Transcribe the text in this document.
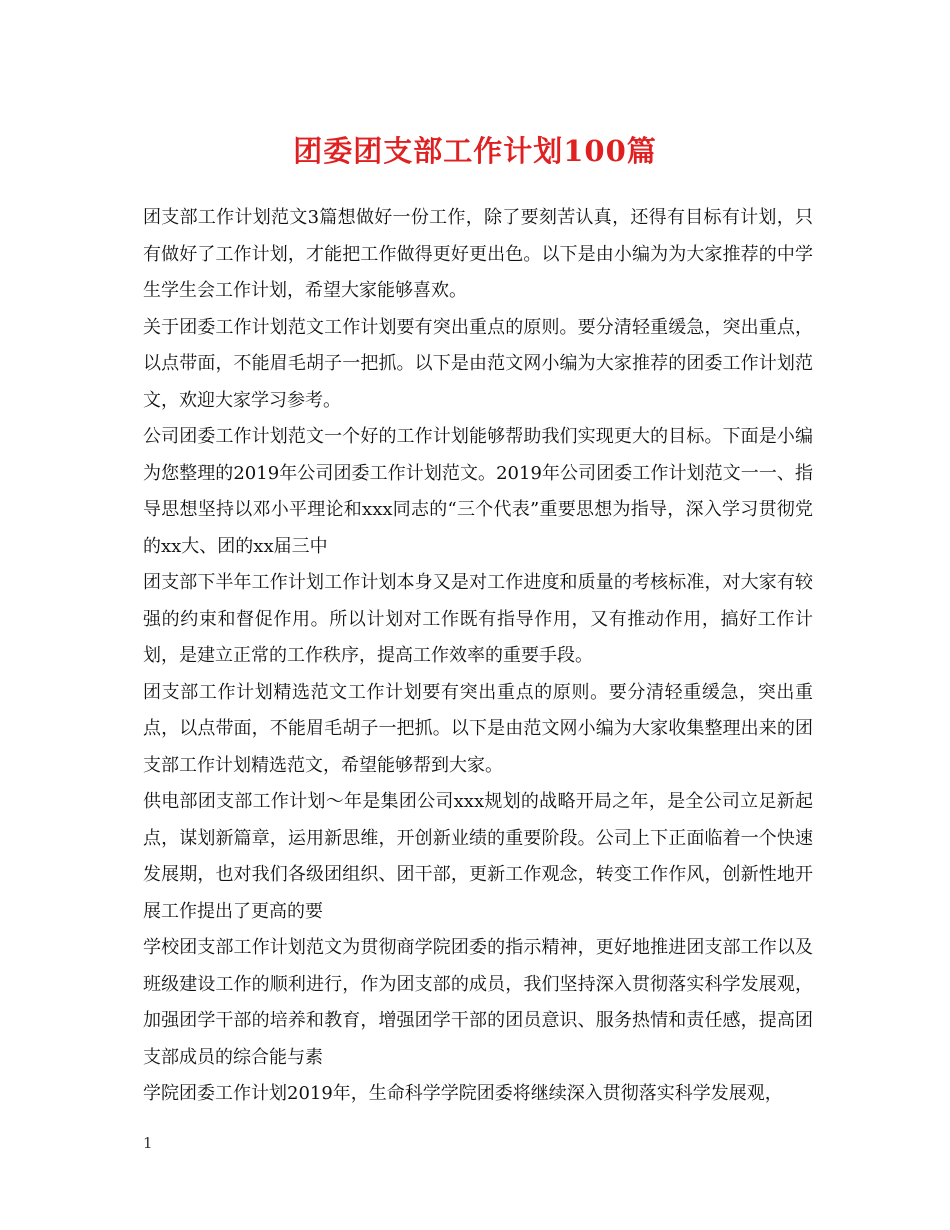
团委团支部工作计划100篇

团支部工作计划范文3篇想做好一份工作，除了要刻苦认真，还得有目标有计划，只有做好了工作计划，才能把工作做得更好更出色。以下是由小编为为大家推荐的中学生学生会工作计划，希望大家能够喜欢。

关于团委工作计划范文工作计划要有突出重点的原则。要分清轻重缓急，突出重点，以点带面，不能眉毛胡子一把抓。以下是由范文网小编为大家推荐的团委工作计划范文，欢迎大家学习参考。

公司团委工作计划范文一个好的工作计划能够帮助我们实现更大的目标。下面是小编为您整理的2019年公司团委工作计划范文。2019年公司团委工作计划范文一一、指导思想坚持以邓小平理论和xxx同志的“三个代表”重要思想为指导，深入学习贯彻党的xx大、团的xx届三中

团支部下半年工作计划工作计划本身又是对工作进度和质量的考核标准，对大家有较强的约束和督促作用。所以计划对工作既有指导作用，又有推动作用，搞好工作计划，是建立正常的工作秩序，提高工作效率的重要手段。

团支部工作计划精选范文工作计划要有突出重点的原则。要分清轻重缓急，突出重点，以点带面，不能眉毛胡子一把抓。以下是由范文网小编为大家收集整理出来的团支部工作计划精选范文，希望能够帮到大家。

供电部团支部工作计划～年是集团公司xxx规划的战略开局之年，是全公司立足新起点，谋划新篇章，运用新思维，开创新业绩的重要阶段。公司上下正面临着一个快速发展期，也对我们各级团组织、团干部，更新工作观念，转变工作作风，创新性地开展工作提出了更高的要

学校团支部工作计划范文为贯彻商学院团委的指示精神，更好地推进团支部工作以及班级建设工作的顺利进行，作为团支部的成员，我们坚持深入贯彻落实科学发展观，加强团学干部的培养和教育，增强团学干部的团员意识、服务热情和责任感，提高团支部成员的综合能与素

学院团委工作计划2019年，生命科学学院团委将继续深入贯彻落实科学发展观，

1
